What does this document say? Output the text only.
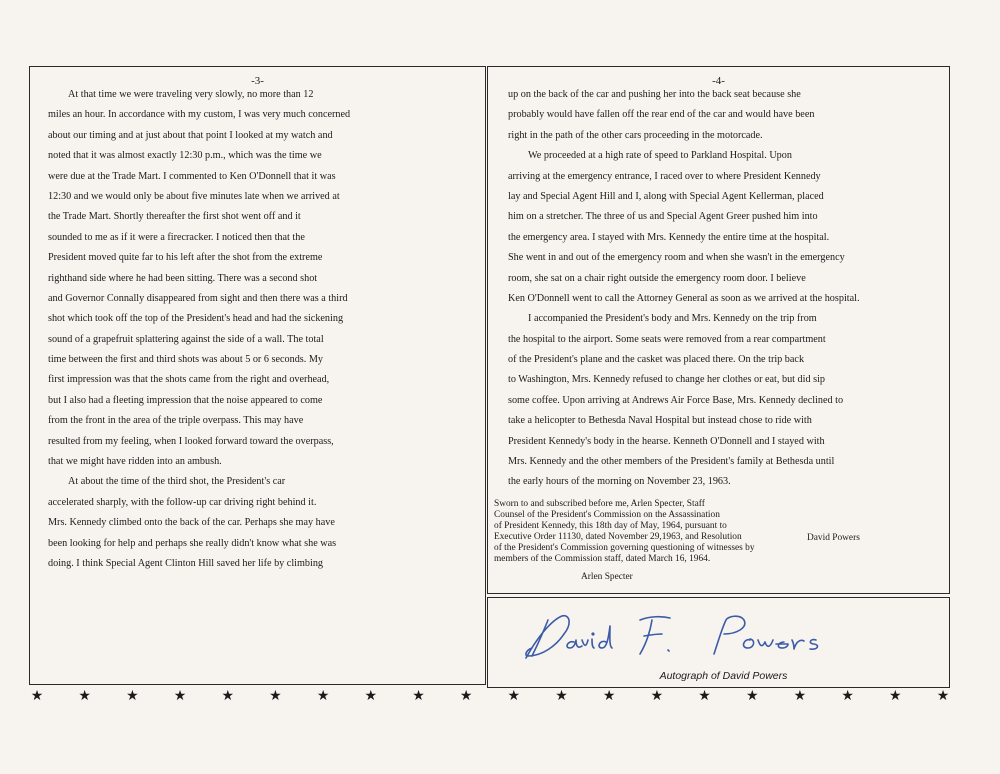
-3-
At that time we were traveling very slowly, no more than 12
miles an hour. In accordance with my custom, I was very much concerned
about our timing and at just about that point I looked at my watch and
noted that it was almost exactly 12:30 p.m., which was the time we
were due at the Trade Mart. I commented to Ken O'Donnell that it was
12:30 and we would only be about five minutes late when we arrived at
the Trade Mart. Shortly thereafter the first shot went off and it
sounded to me as if it were a firecracker. I noticed then that the
President moved quite far to his left after the shot from the extreme
righthand side where he had been sitting. There was a second shot
and Governor Connally disappeared from sight and then there was a third
shot which took off the top of the President's head and had the sickening
sound of a grapefruit splattering against the side of a wall. The total
time between the first and third shots was about 5 or 6 seconds. My
first impression was that the shots came from the right and overhead,
but I also had a fleeting impression that the noise appeared to come
from the front in the area of the triple overpass. This may have
resulted from my feeling, when I looked forward toward the overpass,
that we might have ridden into an ambush.
At about the time of the third shot, the President's car
accelerated sharply, with the follow-up car driving right behind it.
Mrs. Kennedy climbed onto the back of the car. Perhaps she may have
been looking for help and perhaps she really didn't know what she was
doing. I think Special Agent Clinton Hill saved her life by climbing
-4-
up on the back of the car and pushing her into the back seat because she
probably would have fallen off the rear end of the car and would have been
right in the path of the other cars proceeding in the motorcade.
We proceeded at a high rate of speed to Parkland Hospital. Upon
arriving at the emergency entrance, I raced over to where President Kennedy
lay and Special Agent Hill and I, along with Special Agent Kellerman, placed
him on a stretcher. The three of us and Special Agent Greer pushed him into
the emergency area. I stayed with Mrs. Kennedy the entire time at the hospital.
She went in and out of the emergency room and when she wasn't in the emergency
room, she sat on a chair right outside the emergency room door. I believe
Ken O'Donnell went to call the Attorney General as soon as we arrived at the hospital.
I accompanied the President's body and Mrs. Kennedy on the trip from
the hospital to the airport. Some seats were removed from a rear compartment
of the President's plane and the casket was placed there. On the trip back
to Washington, Mrs. Kennedy refused to change her clothes or eat, but did sip
some coffee. Upon arriving at Andrews Air Force Base, Mrs. Kennedy declined to
take a helicopter to Bethesda Naval Hospital but instead chose to ride with
President Kennedy's body in the hearse. Kenneth O'Donnell and I stayed with
Mrs. Kennedy and the other members of the President's family at Bethesda until
the early hours of the morning on November 23, 1963.
Sworn to and subscribed before me, Arlen Specter, Staff
Counsel of the President's Commission on the Assassination
of President Kennedy, this 18th day of May, 1964, pursuant to
Executive Order 11130, dated November 29,1963, and Resolution
of the President's Commission governing questioning of witnesses by
members of the Commission staff, dated March 16, 1964.
David Powers
Arlen Specter
Autograph of David Powers
★	★	★	★	★	★	★	★	★	★	★	★	★	★	★	★	★	★	★	★
